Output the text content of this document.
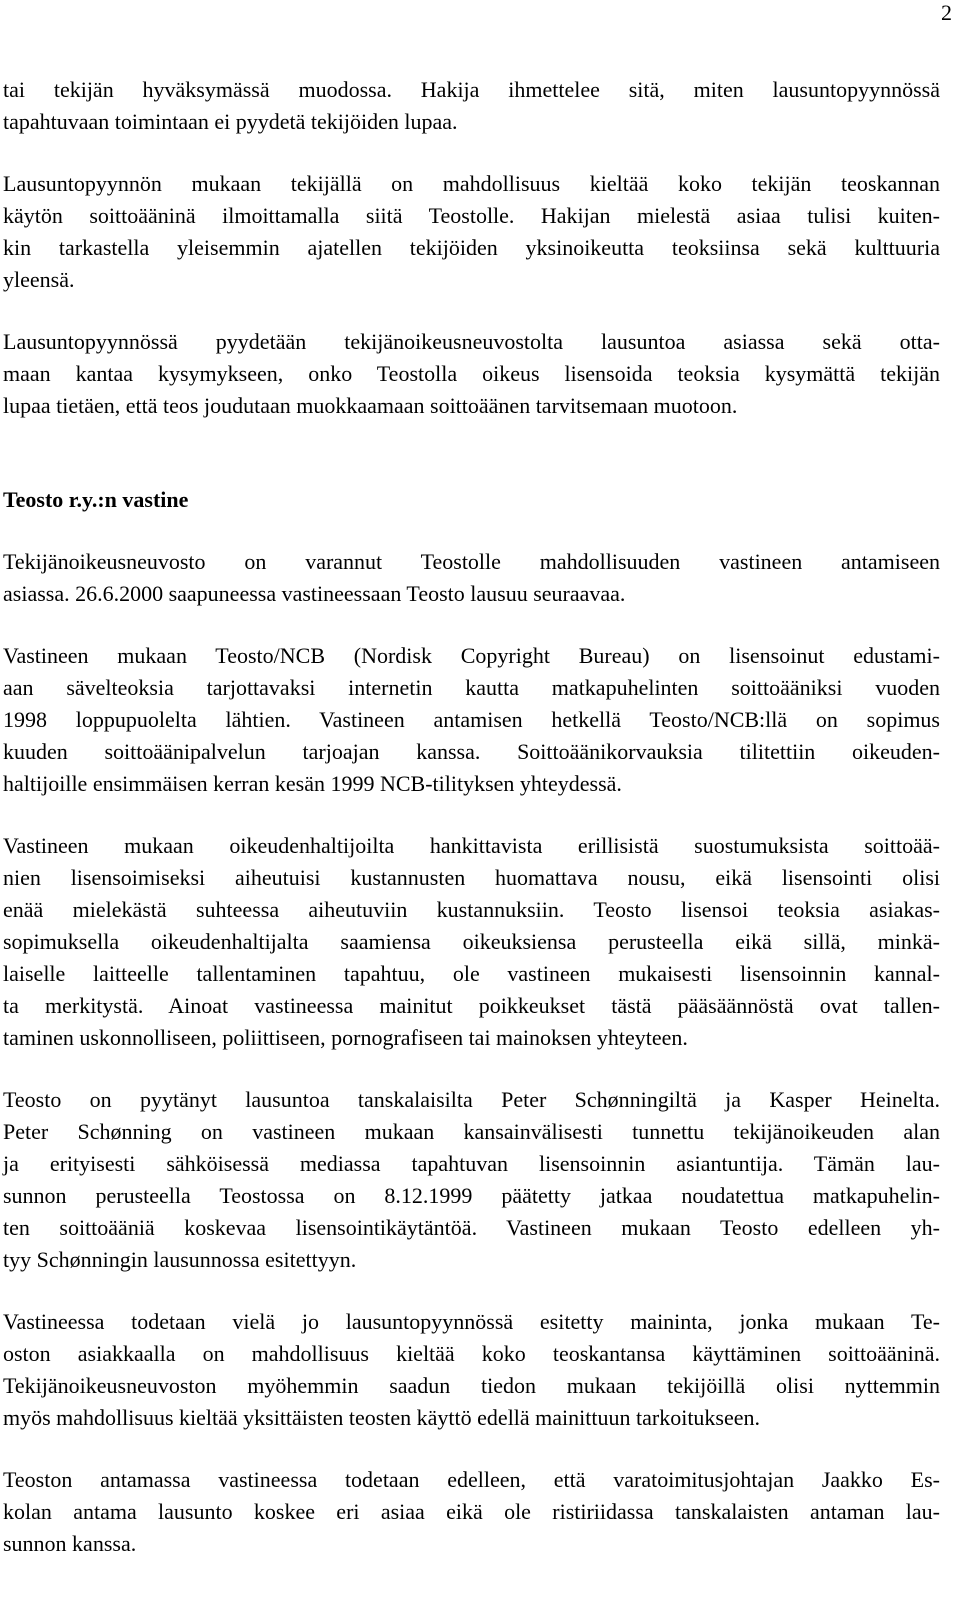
2

tai tekijän hyväksymässä muodossa. Hakija ihmettelee sitä, miten lausuntopyynnössä
tapahtuvaan toimintaan ei pyydetä tekijöiden lupaa.

Lausuntopyynnön mukaan tekijällä on mahdollisuus kieltää koko tekijän teoskannan
käytön soittoääninä ilmoittamalla siitä Teostolle. Hakijan mielestä asiaa tulisi kuiten-
kin tarkastella yleisemmin ajatellen tekijöiden yksinoikeutta teoksiinsa sekä kulttuuria
yleensä.

Lausuntopyynnössä pyydetään tekijänoikeusneuvostolta lausuntoa asiassa sekä otta-
maan kantaa kysymykseen, onko Teostolla oikeus lisensoida teoksia kysymättä tekijän
lupaa tietäen, että teos joudutaan muokkaamaan soittoäänen tarvitsemaan muotoon.

Teosto r.y.:n vastine

Tekijänoikeusneuvosto on varannut Teostolle mahdollisuuden vastineen antamiseen
asiassa. 26.6.2000 saapuneessa vastineessaan Teosto lausuu seuraavaa.

Vastineen mukaan Teosto/NCB (Nordisk Copyright Bureau) on lisensoinut edustami-
aan sävelteoksia tarjottavaksi internetin kautta matkapuhelinten soittoääniksi vuoden
1998 loppupuolelta lähtien. Vastineen antamisen hetkellä Teosto/NCB:llä on sopimus
kuuden soittoäänipalvelun tarjoajan kanssa. Soittoäänikorvauksia tilitettiin oikeuden-
haltijoille ensimmäisen kerran kesän 1999 NCB-tilityksen yhteydessä.

Vastineen mukaan oikeudenhaltijoilta hankittavista erillisistä suostumuksista soittoää-
nien lisensoimiseksi aiheutuisi kustannusten huomattava nousu, eikä lisensointi olisi
enää mielekästä suhteessa aiheutuviin kustannuksiin. Teosto lisensoi teoksia asiakas-
sopimuksella oikeudenhaltijalta saamiensa oikeuksiensa perusteella eikä sillä, minkä-
laiselle laitteelle tallentaminen tapahtuu, ole vastineen mukaisesti lisensoinnin kannal-
ta merkitystä. Ainoat vastineessa mainitut poikkeukset tästä pääsäännöstä ovat tallen-
taminen uskonnolliseen, poliittiseen, pornografiseen tai mainoksen yhteyteen.

Teosto on pyytänyt lausuntoa tanskalaisilta Peter Schønningiltä ja Kasper Heinelta.
Peter Schønning on vastineen mukaan kansainvälisesti tunnettu tekijänoikeuden alan
ja erityisesti sähköisessä mediassa tapahtuvan lisensoinnin asiantuntija. Tämän lau-
sunnon perusteella Teostossa on 8.12.1999 päätetty jatkaa noudatettua matkapuhelin-
ten soittoääniä koskevaa lisensointikäytäntöä. Vastineen mukaan Teosto edelleen yh-
tyy Schønningin lausunnossa esitettyyn.

Vastineessa todetaan vielä jo lausuntopyynnössä esitetty maininta, jonka mukaan Te-
oston asiakkaalla on mahdollisuus kieltää koko teoskantansa käyttäminen soittoääninä.
Tekijänoikeusneuvoston myöhemmin saadun tiedon mukaan tekijöillä olisi nyttemmin
myös mahdollisuus kieltää yksittäisten teosten käyttö edellä mainittuun tarkoitukseen.

Teoston antamassa vastineessa todetaan edelleen, että varatoimitusjohtajan Jaakko Es-
kolan antama lausunto koskee eri asiaa eikä ole ristiriidassa tanskalaisten antaman lau-
sunnon kanssa.
